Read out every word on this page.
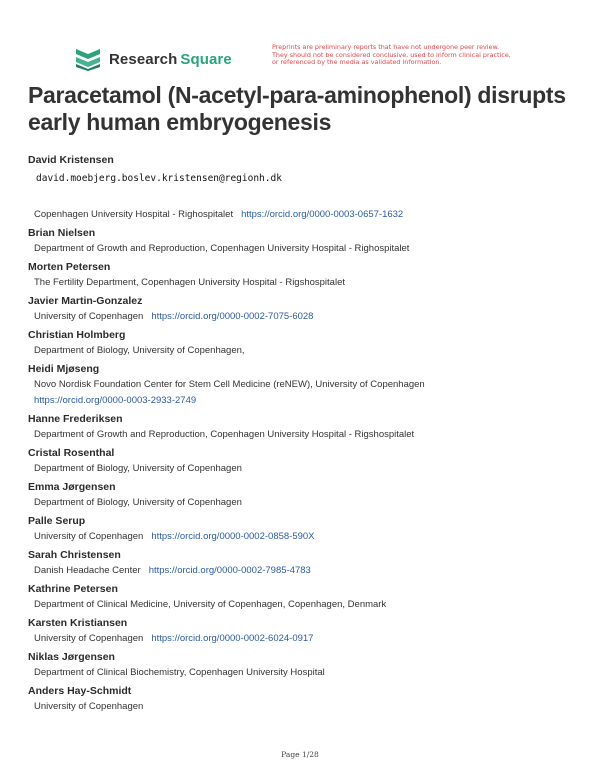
Research Square
Preprints are preliminary reports that have not undergone peer review.
They should not be considered conclusive, used to inform clinical practice,
or referenced by the media as validated information.
Paracetamol (N-acetyl-para-aminophenol) disrupts early human embryogenesis
David Kristensen
david.moebjerg.boslev.kristensen@regionh.dk
Copenhagen University Hospital - Righospitalet https://orcid.org/0000-0003-0657-1632
Brian Nielsen
Department of Growth and Reproduction, Copenhagen University Hospital - Righospitalet
Morten Petersen
The Fertility Department, Copenhagen University Hospital - Rigshospitalet
Javier Martin-Gonzalez
University of Copenhagen https://orcid.org/0000-0002-7075-6028
Christian Holmberg
Department of Biology, University of Copenhagen,
Heidi Mjøseng
Novo Nordisk Foundation Center for Stem Cell Medicine (reNEW), University of Copenhagen
https://orcid.org/0000-0003-2933-2749
Hanne Frederiksen
Department of Growth and Reproduction, Copenhagen University Hospital - Rigshospitalet
Cristal Rosenthal
Department of Biology, University of Copenhagen
Emma Jørgensen
Department of Biology, University of Copenhagen
Palle Serup
University of Copenhagen https://orcid.org/0000-0002-0858-590X
Sarah Christensen
Danish Headache Center https://orcid.org/0000-0002-7985-4783
Kathrine Petersen
Department of Clinical Medicine, University of Copenhagen, Copenhagen, Denmark
Karsten Kristiansen
University of Copenhagen https://orcid.org/0000-0002-6024-0917
Niklas Jørgensen
Department of Clinical Biochemistry, Copenhagen University Hospital
Anders Hay-Schmidt
University of Copenhagen
Page 1/28
